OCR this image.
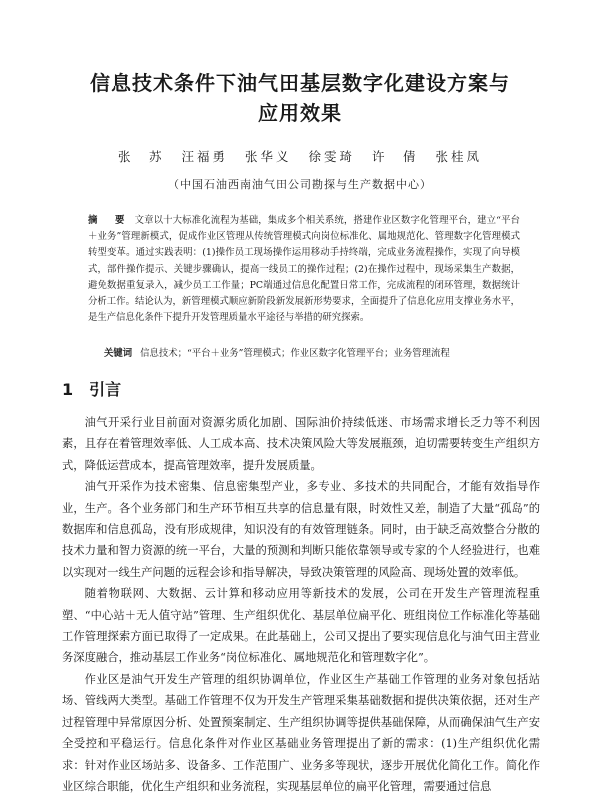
信息技术条件下油气田基层数字化建设方案与
应用效果
张　苏 汪福勇 张华义 徐雯琦 许　倩 张桂凤
（中国石油西南油气田公司勘探与生产数据中心）

摘　要 文章以十大标准化流程为基础，集成多个相关系统，搭建作业区数字化管理平台，建立“平台＋业务”管理新模式，促成作业区管理从传统管理模式向岗位标准化、属地规范化、管理数字化管理模式转型变革。通过实践表明：(1)操作员工现场操作运用移动手持终端，完成业务流程操作，实现了向导模式，部件操作提示、关键步骤确认，提高一线员工的操作过程；(2)在操作过程中，现场采集生产数据，避免数据重复录入，减少员工工作量；PC端通过信息化配置日常工作，完成流程的闭环管理，数据统计分析工作。结论认为，新管理模式顺应新阶段新发展新形势要求，全面提升了信息化应用支撑业务水平，是生产信息化条件下提升开发管理质量水平途径与举措的研究探索。

关键词 信息技术；“平台＋业务”管理模式；作业区数字化管理平台；业务管理流程

1 引言

油气开采行业目前面对资源劣质化加剧、国际油价持续低迷、市场需求增长乏力等不利因素，且存在着管理效率低、人工成本高、技术决策风险大等发展瓶颈，迫切需要转变生产组织方式，降低运营成本，提高管理效率，提升发展质量。

油气开采作为技术密集、信息密集型产业，多专业、多技术的共同配合，才能有效指导作业，生产。各个业务部门和生产环节相互共享的信息量有限，时效性又差，制造了大量“孤岛”的数据库和信息孤岛，没有形成规律，知识没有的有效管理链条。同时，由于缺乏高效整合分散的技术力量和智力资源的统一平台，大量的预测和判断只能依靠领导或专家的个人经验进行，也难以实现对一线生产问题的远程会诊和指导解决，导致决策管理的风险高、现场处置的效率低。

随着物联网、大数据、云计算和移动应用等新技术的发展，公司在开发生产管理流程重塑、“中心站＋无人值守站”管理、生产组织优化、基层单位扁平化、班组岗位工作标准化等基础工作管理探索方面已取得了一定成果。在此基础上，公司又提出了要实现信息化与油气田主营业务深度融合，推动基层工作业务“岗位标准化、属地规范化和管理数字化”。

作业区是油气开发生产管理的组织协调单位，作业区生产基础工作管理的业务对象包括站场、管线两大类型。基础工作管理不仅为开发生产管理采集基础数据和提供决策依据，还对生产过程管理中异常原因分析、处置预案制定、生产组织协调等提供基础保障，从而确保油气生产安全受控和平稳运行。信息化条件对作业区基础业务管理提出了新的需求：(1)生产组织优化需求：针对作业区场站多、设备多、工作范围广、业务多等现状，逐步开展优化简化工作。简化作业区综合职能，优化生产组织和业务流程，实现基层单位的扁平化管理，需要通过信息
